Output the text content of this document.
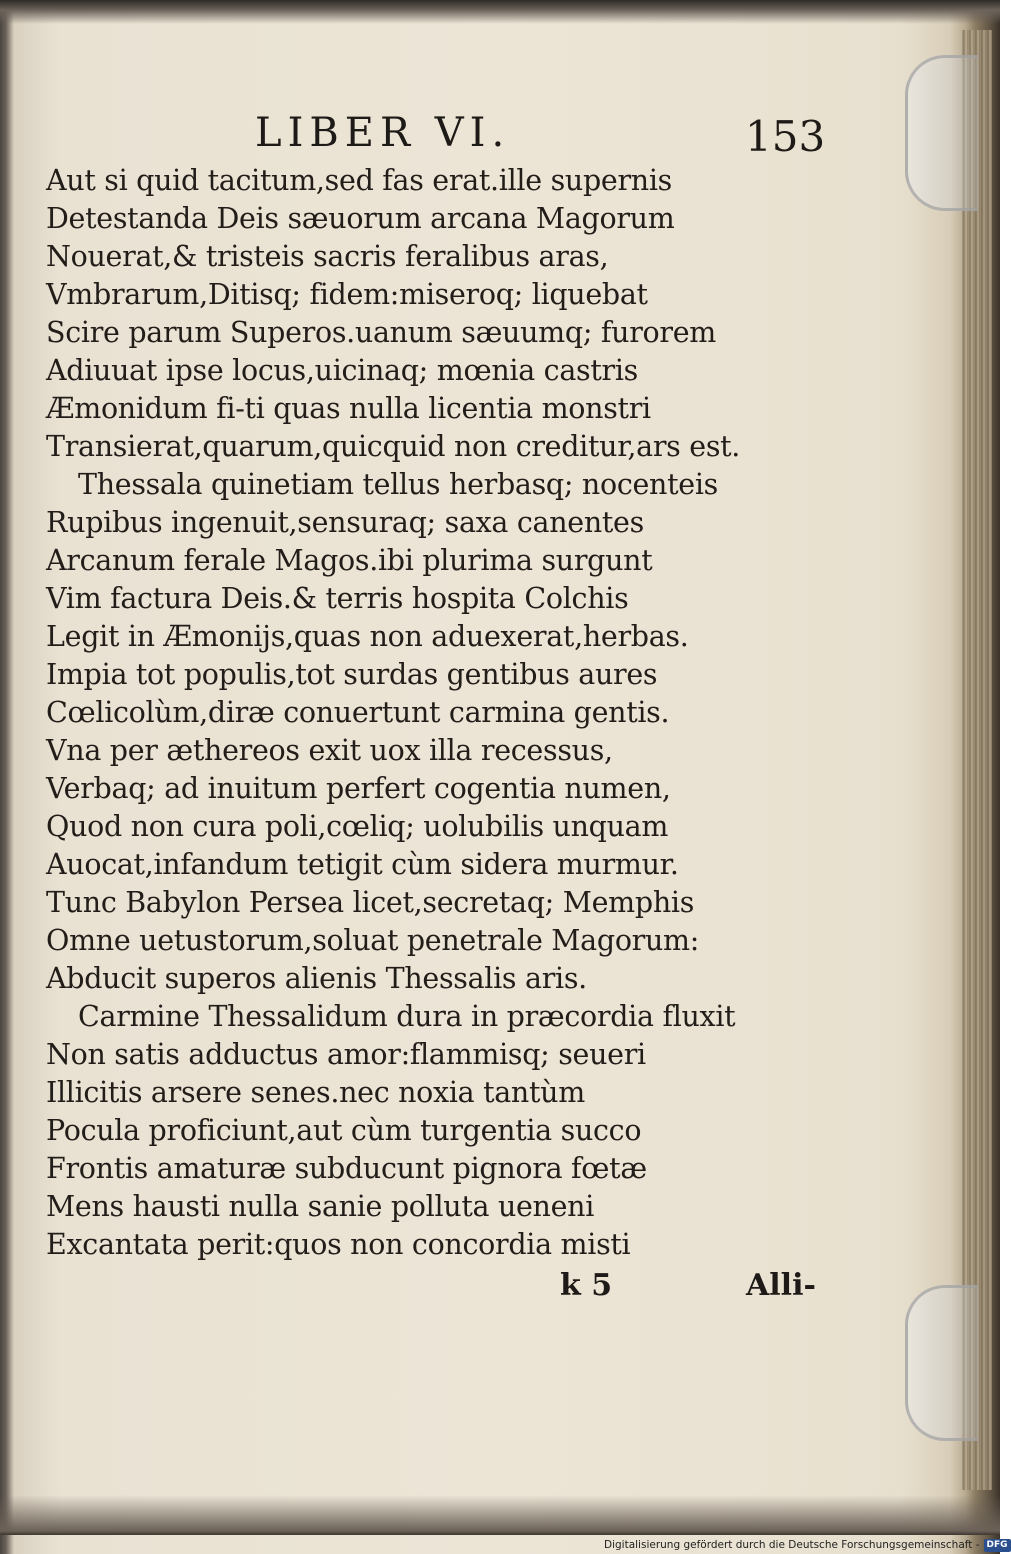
LIBER VI.	153
Aut si quid tacitum,sed fas erat.ille supernis
Detestanda Deis sæuorum arcana Magorum
Nouerat,& tristeis sacris feralibus aras,
Vmbrarum,Ditisq; fidem:miseroq; liquebat
Scire parum Superos.uanum sæuumq; furorem
Adiuuat ipse locus,uicinaq; mœnia castris
Æmonidum fi-ti quas nulla licentia monstri
Transierat,quarum,quicquid non creditur,ars est.
Thessala quinetiam tellus herbasq; nocenteis
Rupibus ingenuit,sensuraq; saxa canentes
Arcanum ferale Magos.ibi plurima surgunt
Vim factura Deis.& terris hospita Colchis
Legit in Æmonijs,quas non aduexerat,herbas.
Impia tot populis,tot surdas gentibus aures
Cœlicolùm,diræ conuertunt carmina gentis.
Vna per æthereos exit uox illa recessus,
Verbaq; ad inuitum perfert cogentia numen,
Quod non cura poli,cœliq; uolubilis unquam
Auocat,infandum tetigit cùm sidera murmur.
Tunc Babylon Persea licet,secretaq; Memphis
Omne uetustorum,soluat penetrale Magorum:
Abducit superos alienis Thessalis aris.
Carmine Thessalidum dura in præcordia fluxit
Non satis adductus amor:flammisq; seueri
Illicitis arsere senes.nec noxia tantùm
Pocula proficiunt,aut cùm turgentia succo
Frontis amaturæ subducunt pignora fœtæ
Mens hausti nulla sanie polluta ueneni
Excantata perit:quos non concordia misti
k 5	Alli-
Digitalisierung gefördert durch die Deutsche Forschungsgemeinschaft - DFG
